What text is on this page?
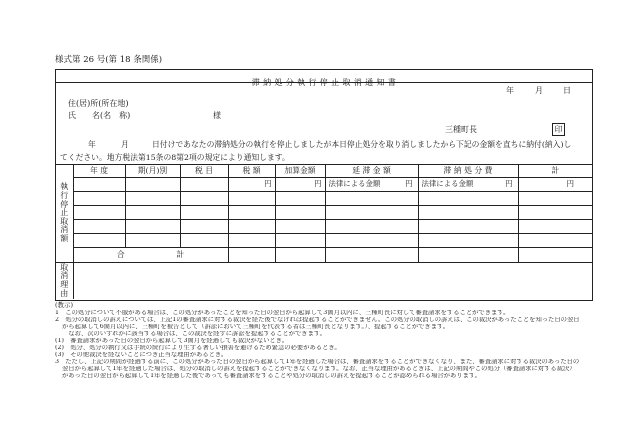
様式第 26 号(第 18 条関係)
滞 納 処 分 執 行 停 止 取 消 通 知 書
年	月	日
住(居)所(所在地)
氏　　名(名　称)	様
三種町長	印
年	月	日付けであなたの滞納処分の執行を停止しましたが本日停止処分を取り消しましたから下記の金額を直ちに納付(納入)し
てください。地方税法第15条の8第2項の規定により通知します。
執行停止取消額	年 度	期(月)別	税 目	税 額	加算金額	延 滞 金 額	滞 納 処 分 費	計

				円	円	法律による金額 円	法律による金額 円	円

	合　　計							

取消理由								

(教示)
1　この処分について不服がある場合は、この処分があったことを知った日の翌日から起算して3箇月以内に、三種町長に対して審査請求をすることができます。
2　処分の取消しの訴えについては、上記1の審査請求に対する裁決を経た後でなければ提起することができません。この処分の取消しの訴えは、この裁決があったことを知った日の翌日
から起算して6箇月以内に、三種町を被告として（訴訟において三種町を代表する者は三種町長となります。）、提起することができます。
　なお、次のいずれかに該当する場合は、この裁決を経ずに訴訟を提起することができます。
(1)　審査請求があった日の翌日から起算して3箇月を経過しても裁決がないとき。
(2)　処分、処分の執行又は手続の続行により生ずる著しい損害を避けるため緊急の必要があるとき。
(3)　その他裁決を経ないことにつき正当な理由があるとき。
3　ただし、上記の期間が経過する前に、この処分があった日の翌日から起算して1年を経過した場合は、審査請求をすることができなくなり、また、審査請求に対する裁決のあった日の
翌日から起算して1年を経過した場合は、処分の取消しの訴えを提起することができなくなります。なお、正当な理由があるときは、上記の期間やこの処分（審査請求に対する裁決）
があった日の翌日から起算して1年を経過した後であっても審査請求をすることや処分の取消しの訴えを提起することが認められる場合があります。
